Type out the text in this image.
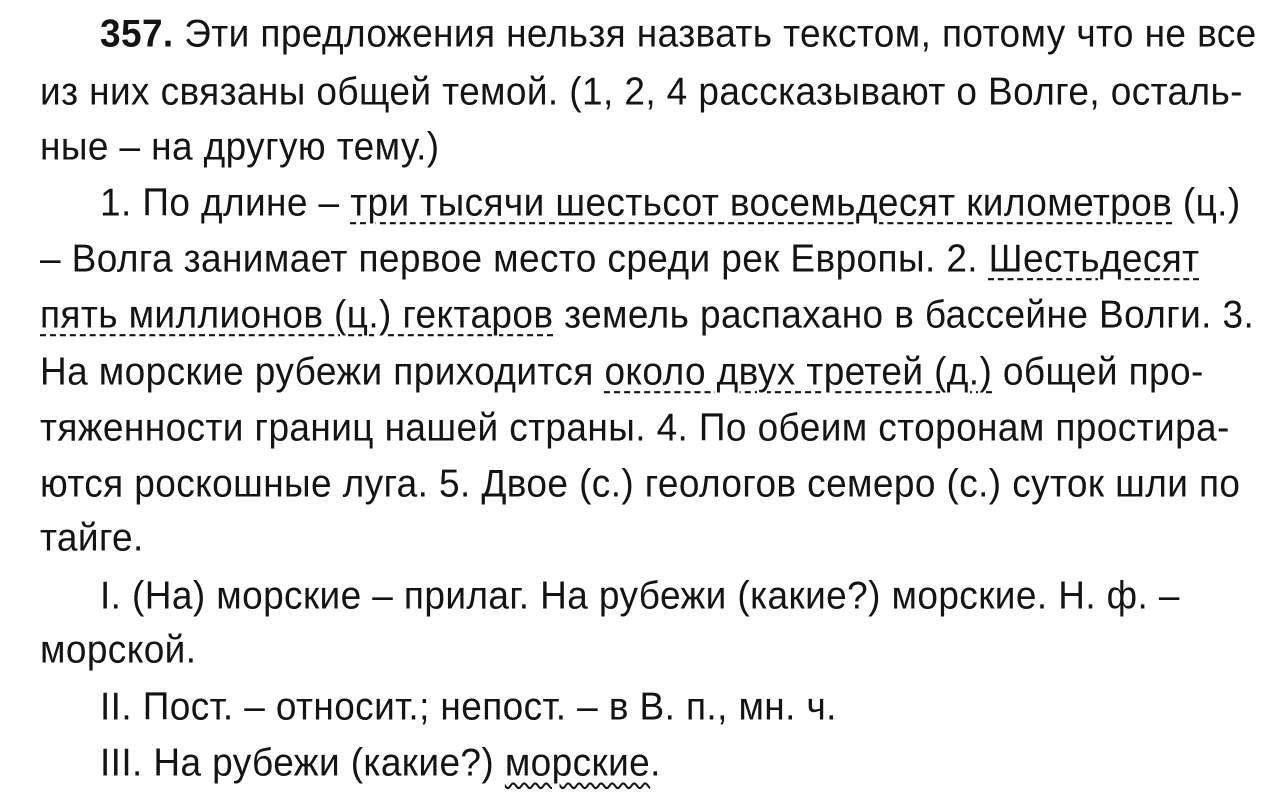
357. Эти предложения нельзя назвать текстом, потому что не все
из них связаны общей темой. (1, 2, 4 рассказывают о Волге, осталь-
ные – на другую тему.)
1. По длине – три тысячи шестьсот восемьдесят километров (ц.)
– Волга занимает первое место среди рек Европы. 2. Шестьдесят
пять миллионов (ц.) гектаров земель распахано в бассейне Волги. 3.
На морские рубежи приходится около двух третей (д.) общей про-
тяженности границ нашей страны. 4. По обеим сторонам простира-
ются роскошные луга. 5. Двое (с.) геологов семеро (с.) суток шли по
тайге.
I. (На) морские – прилаг. На рубежи (какие?) морские. Н. ф. –
морской.
II. Пост. – относит.; непост. – в В. п., мн. ч.
III. На рубежи (какие?) морские.
